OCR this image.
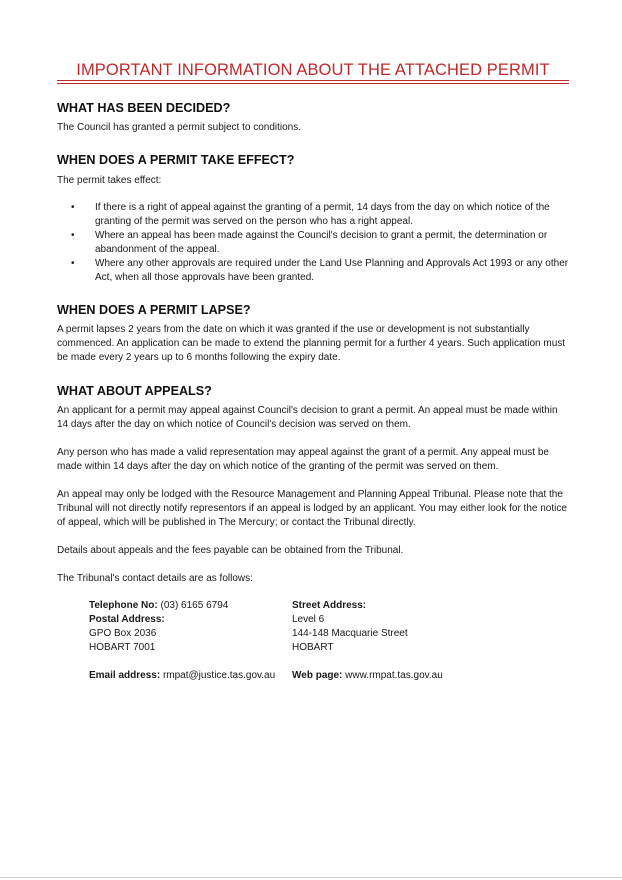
IMPORTANT INFORMATION ABOUT THE ATTACHED PERMIT
WHAT HAS BEEN DECIDED?

The Council has granted a permit subject to conditions.

WHEN DOES A PERMIT TAKE EFFECT?

The permit takes effect:

• If there is a right of appeal against the granting of a permit, 14 days from the day on which notice of the granting of the permit was served on the person who has a right appeal.
• Where an appeal has been made against the Council's decision to grant a permit, the determination or abandonment of the appeal.
• Where any other approvals are required under the Land Use Planning and Approvals Act 1993 or any other Act, when all those approvals have been granted.
WHEN DOES A PERMIT LAPSE?

A permit lapses 2 years from the date on which it was granted if the use or development is not substantially commenced. An application can be made to extend the planning permit for a further 4 years. Such application must be made every 2 years up to 6 months following the expiry date.

WHAT ABOUT APPEALS?

An applicant for a permit may appeal against Council's decision to grant a permit. An appeal must be made within 14 days after the day on which notice of Council's decision was served on them.

Any person who has made a valid representation may appeal against the grant of a permit. Any appeal must be made within 14 days after the day on which notice of the granting of the permit was served on them.

An appeal may only be lodged with the Resource Management and Planning Appeal Tribunal. Please note that the Tribunal will not directly notify representors if an appeal is lodged by an applicant. You may either look for the notice of appeal, which will be published in The Mercury; or contact the Tribunal directly.

Details about appeals and the fees payable can be obtained from the Tribunal.

The Tribunal's contact details are as follows:

Telephone No: (03) 6165 6794
Postal Address:
GPO Box 2036
HOBART 7001
Email address: rmpat@justice.tas.gov.au
Street Address:
Level 6
144-148 Macquarie Street
HOBART
Web page: www.rmpat.tas.gov.au
